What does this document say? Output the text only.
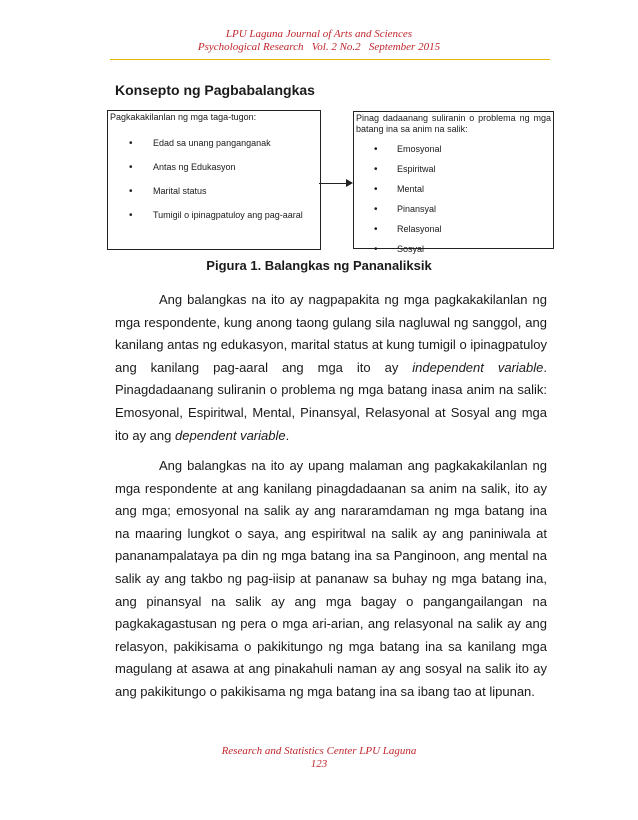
LPU Laguna Journal of Arts and Sciences
Psychological Research   Vol. 2 No.2   September 2015
Konsepto ng Pagbabalangkas
Pagkakakilanlan ng mga taga-tugon:
• Edad sa unang panganganak
• Antas ng Edukasyon
• Marital status
• Tumigil o ipinagpatuloy ang pag-aaral
Pinag dadaanang suliranin o problema ng mga batang ina sa anim na salik:
• Emosyonal
• Espiritwal
• Mental
• Pinansyal
• Relasyonal
• Sosyal
Pigura 1. Balangkas ng Pananaliksik

Ang balangkas na ito ay nagpapakita ng mga pagkakakilanlan ng mga respondente, kung anong taong gulang sila nagluwal ng sanggol, ang kanilang antas ng edukasyon, marital status at kung tumigil o ipinagpatuloy ang kanilang pag-aaral ang mga ito ay independent variable. Pinagdadaanang suliranin o problema ng mga batang inasa anim na salik: Emosyonal, Espiritwal, Mental, Pinansyal, Relasyonal at Sosyal ang mga ito ay ang dependent variable.

Ang balangkas na ito ay upang malaman ang pagkakakilanlan ng mga respondente at ang kanilang pinagdadaanan sa anim na salik, ito ay ang mga; emosyonal na salik ay ang nararamdaman ng mga batang ina na maaring lungkot o saya, ang espiritwal na salik ay ang paniniwala at pananampalataya pa din ng mga batang ina sa Panginoon, ang mental na salik ay ang takbo ng pag-iisip at pananaw sa buhay ng mga batang ina, ang pinansyal na salik ay ang mga bagay o pangangailangan na pagkakagastusan ng pera o mga ari-arian, ang relasyonal na salik ay ang relasyon, pakikisama o pakikitungo ng mga batang ina sa kanilang mga magulang at asawa at ang pinakahuli naman ay ang sosyal na salik ito ay ang pakikitungo o pakikisama ng mga batang ina sa ibang tao at lipunan.

Research and Statistics Center LPU Laguna
123
